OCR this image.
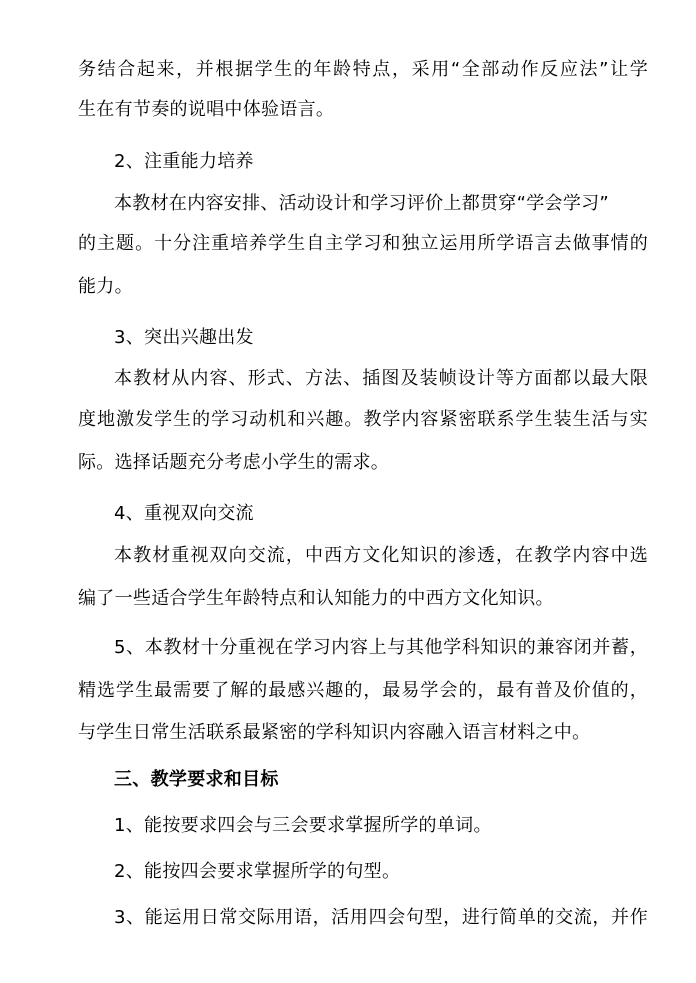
务结合起来，并根据学生的年龄特点，采用“全部动作反应法”让学
生在有节奏的说唱中体验语言。
2、注重能力培养
本教材在内容安排、活动设计和学习评价上都贯穿“学会学习”
的主题。十分注重培养学生自主学习和独立运用所学语言去做事情的
能力。
3、突出兴趣出发
本教材从内容、形式、方法、插图及装帧设计等方面都以最大限
度地激发学生的学习动机和兴趣。教学内容紧密联系学生装生活与实
际。选择话题充分考虑小学生的需求。
4、重视双向交流
本教材重视双向交流，中西方文化知识的渗透，在教学内容中选
编了一些适合学生年龄特点和认知能力的中西方文化知识。
5、本教材十分重视在学习内容上与其他学科知识的兼容闭并蓄，
精选学生最需要了解的最感兴趣的，最易学会的，最有普及价值的，
与学生日常生活联系最紧密的学科知识内容融入语言材料之中。
三、教学要求和目标
1、能按要求四会与三会要求掌握所学的单词。
2、能按四会要求掌握所学的句型。
3、能运用日常交际用语，活用四会句型，进行简单的交流，并作
